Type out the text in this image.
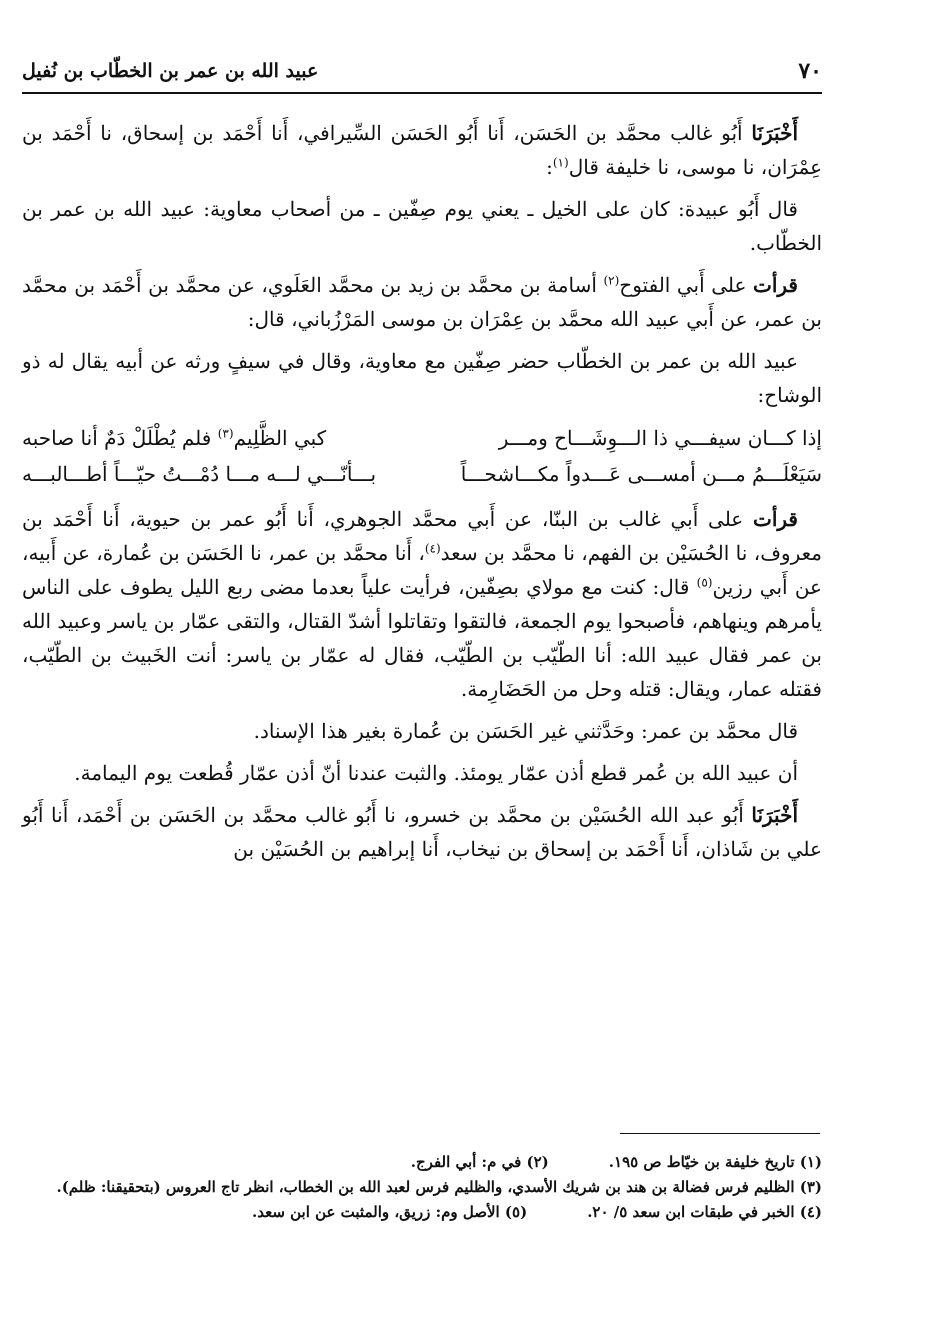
٧٠
عبيد الله بن عمر بن الخطّاب بن نُفيل

أَخْبَرَنَا أَبُو غالب محمَّد بن الحَسَن، أَنا أَبُو الحَسَن السِّيرافي، أَنا أَحْمَد بن إسحاق، نا أَحْمَد بن عِمْرَان، نا موسى، نا خليفة قال$^{(١)}$:

قال أَبُو عبيدة: كان على الخيل ـ يعني يوم صِفّين ـ من أصحاب معاوية: عبيد الله بن عمر بن الخطّاب.

قرأت على أَبي الفتوح$^{(٢)}$ أسامة بن محمَّد بن زيد بن محمَّد العَلَوي، عن محمَّد بن أَحْمَد بن محمَّد بن عمر، عن أَبي عبيد الله محمَّد بن عِمْرَان بن موسى المَرْزُباني، قال:

عبيد الله بن عمر بن الخطّاب حضر صِفّين مع معاوية، وقال في سيفٍ ورثه عن أبيه يقال له ذو الوشاح:

إذا كـــان سيفـــي ذا الـــوِشَـــاح ومـــر
كبي الظَّلِيم$^{(٣)}$ فلم يُطْلَلْ دَمٌ أنا صاحبه
سَيَعْلَـــمُ مـــن أمســـى عَـــدواً مكـــاشحـــاً
بـــأنّـــي لـــه مـــا دُمْـــتُ حيّـــاً أطـــالبـــه

قرأت على أَبي غالب بن البنّا، عن أَبي محمَّد الجوهري، أَنا أَبُو عمر بن حيوية، أَنا أَحْمَد بن معروف، نا الحُسَيْن بن الفهم، نا محمَّد بن سعد$^{(٤)}$، أَنا محمَّد بن عمر، نا الحَسَن بن عُمارة، عن أَبيه، عن أَبي رزين$^{(٥)}$ قال: كنت مع مولاي بصِفّين، فرأيت علياً بعدما مضى ربع الليل يطوف على الناس يأمرهم وينهاهم، فأصبحوا يوم الجمعة، فالتقوا وتقاتلوا أشدّ القتال، والتقى عمّار بن ياسر وعبيد الله بن عمر فقال عبيد الله: أنا الطّيّب بن الطّيّب، فقال له عمّار بن ياسر: أنت الخَبيث بن الطّيّب، فقتله عمار، ويقال: قتله وحل من الحَضَارِمة.

قال محمَّد بن عمر: وحَدَّثني غير الحَسَن بن عُمارة بغير هذا الإسناد.

أن عبيد الله بن عُمر قطع أذن عمّار يومئذ. والثبت عندنا أنّ أذن عمّار قُطعت يوم اليمامة.

أَخْبَرَنَا أَبُو عبد الله الحُسَيْن بن محمَّد بن خسرو، نا أَبُو غالب محمَّد بن الحَسَن بن أَحْمَد، أَنا أَبُو علي بن شَاذان، أَنا أَحْمَد بن إسحاق بن نيخاب، أَنا إبراهيم بن الحُسَيْن بن

(١) تاريخ خليفة بن خيّاط ص ١٩٥.
(٢) في م: أبي الفرج.
(٣) الظليم فرس فضالة بن هند بن شريك الأسدي، والظليم فرس لعبد الله بن الخطاب، انظر تاج العروس (بتحقيقنا: ظلم).
(٤) الخبر في طبقات ابن سعد ٥/ ٢٠.
(٥) الأصل وم: زريق، والمثبت عن ابن سعد.
